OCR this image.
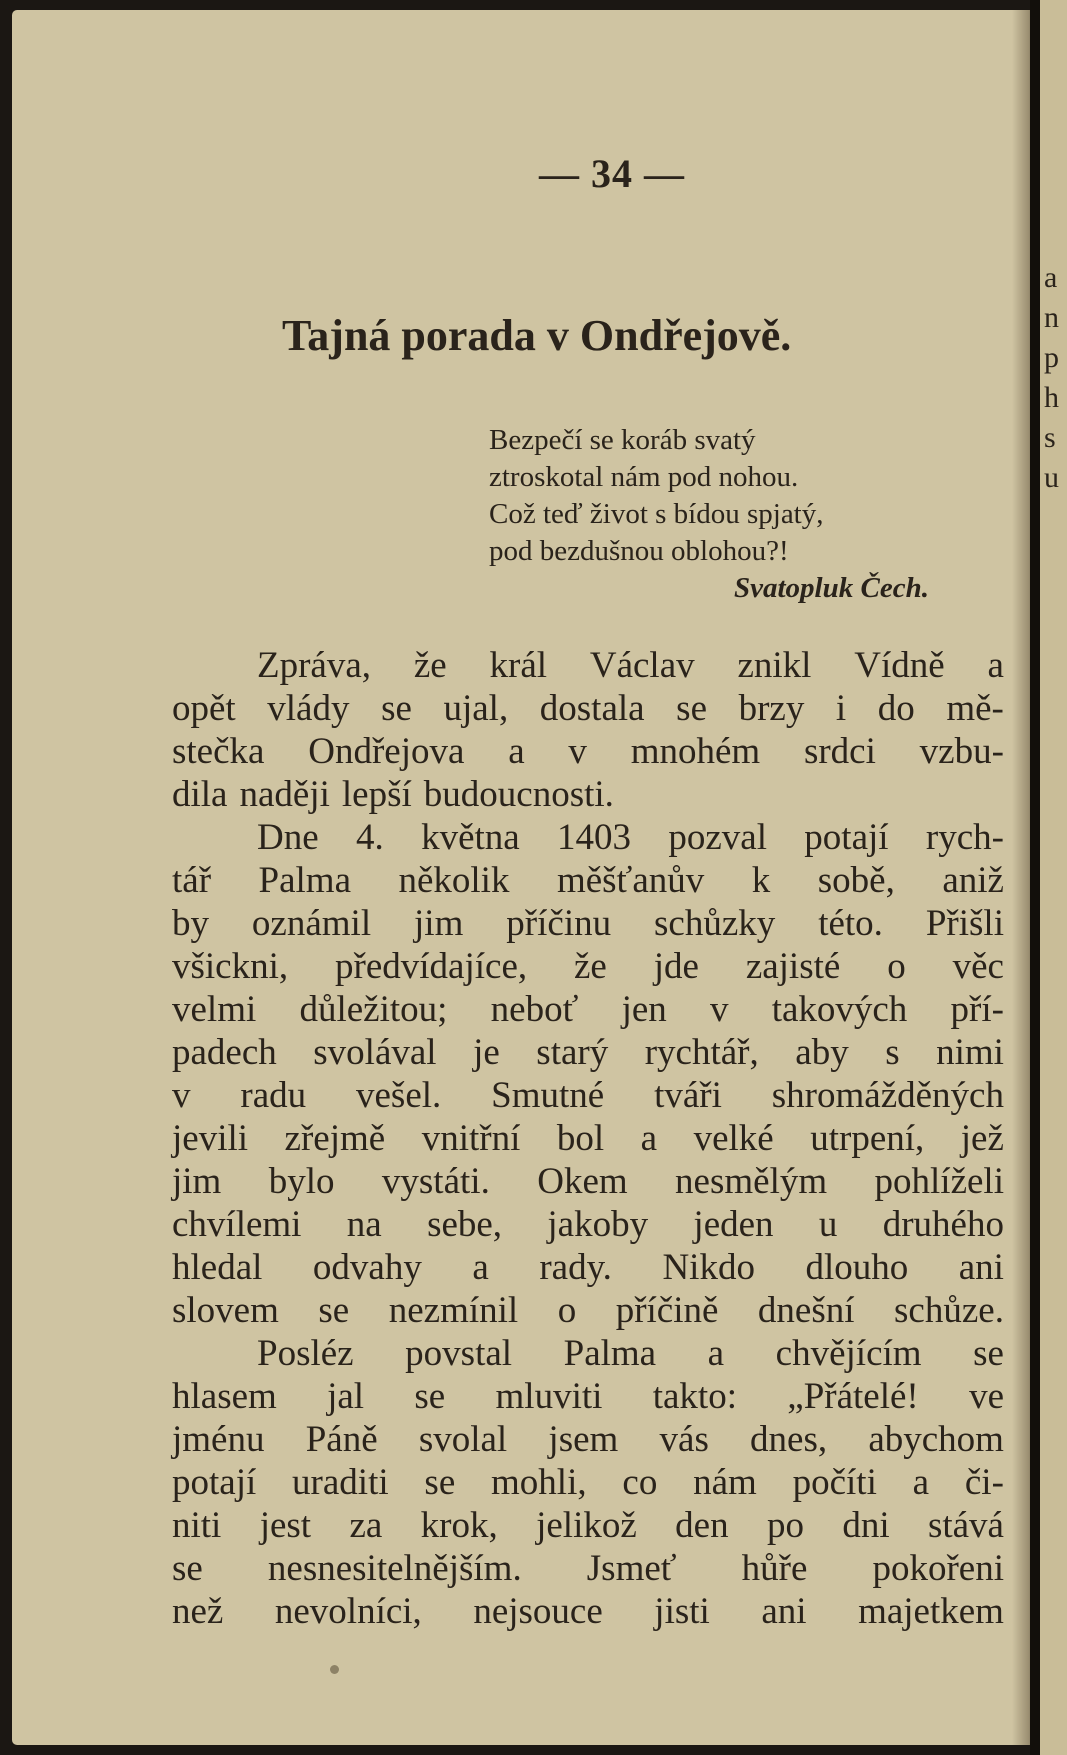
— 34 —
Tajná porada v Ondřejově.
Bezpečí se koráb svatý
ztroskotal nám pod nohou.
Což teď život s bídou spjatý,
pod bezdušnou oblohou?!
Svatopluk Čech.
Zpráva, že král Václav znikl Vídně a
opět vlády se ujal, dostala se brzy i do mě-
stečka Ondřejova a v mnohém srdci vzbu-
dila naději lepší budoucnosti.
Dne 4. května 1403 pozval potají rych-
tář Palma několik měšťanův k sobě, aniž
by oznámil jim příčinu schůzky této. Přišli
všickni, předvídajíce, že jde zajisté o věc
velmi důležitou; neboť jen v takových pří-
padech svolával je starý rychtář, aby s nimi
v radu vešel. Smutné tváři shromážděných
jevili zřejmě vnitřní bol a velké utrpení, jež
jim bylo vystáti. Okem nesmělým pohlíželi
chvílemi na sebe, jakoby jeden u druhého
hledal odvahy a rady. Nikdo dlouho ani
slovem se nezmínil o příčině dnešní schůze.
Posléz povstal Palma a chvějícím se
hlasem jal se mluviti takto: „Přátelé! ve
jménu Páně svolal jsem vás dnes, abychom
potají uraditi se mohli, co nám počíti a či-
niti jest za krok, jelikož den po dni stává
se nesnesitelnějším. Jsmeť hůře pokořeni
než nevolníci, nejsouce jisti ani majetkem
a
n
p
h
s
u
